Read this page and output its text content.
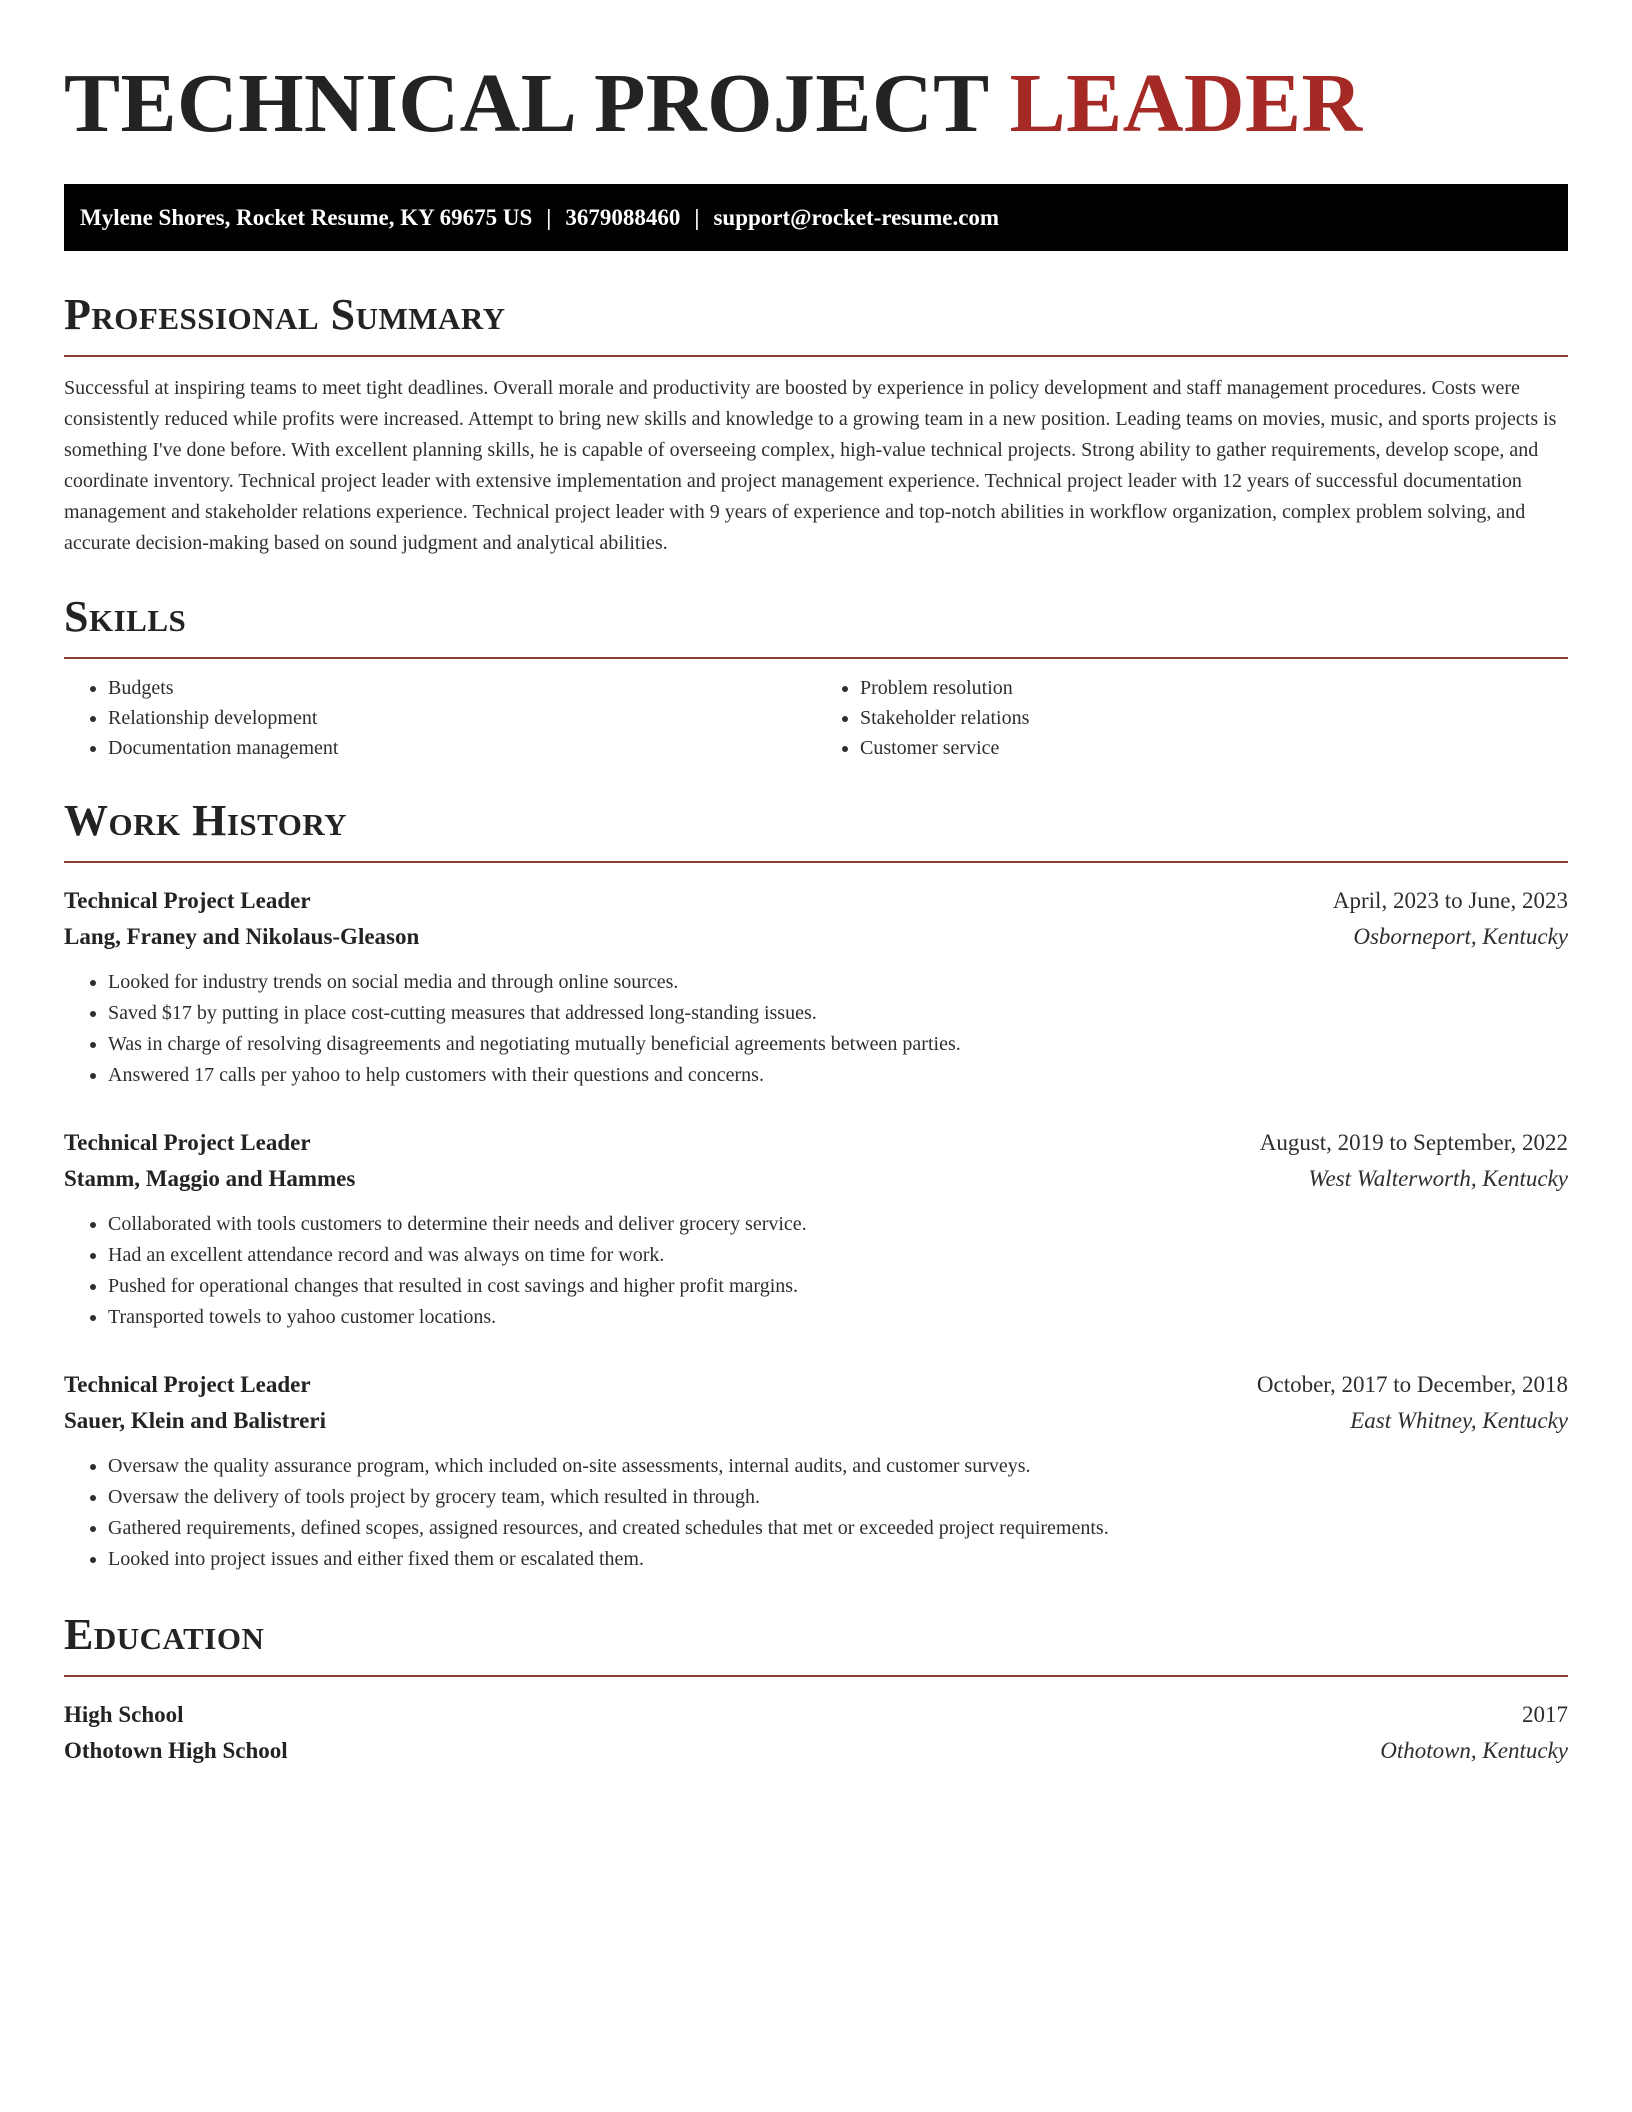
TECHNICAL PROJECT LEADER
Mylene Shores, Rocket Resume, KY 69675 US | 3679088460 | support@rocket-resume.com
Professional Summary

Successful at inspiring teams to meet tight deadlines. Overall morale and productivity are boosted by experience in policy development and staff management procedures. Costs were consistently reduced while profits were increased. Attempt to bring new skills and knowledge to a growing team in a new position. Leading teams on movies, music, and sports projects is something I've done before. With excellent planning skills, he is capable of overseeing complex, high-value technical projects. Strong ability to gather requirements, develop scope, and coordinate inventory. Technical project leader with extensive implementation and project management experience. Technical project leader with 12 years of successful documentation management and stakeholder relations experience. Technical project leader with 9 years of experience and top-notch abilities in workflow organization, complex problem solving, and accurate decision-making based on sound judgment and analytical abilities.

Skills
• Budgets
• Relationship development
• Documentation management
• Problem resolution
• Stakeholder relations
• Customer service
Work History
Technical Project Leader	April, 2023 to June, 2023
Lang, Franey and Nikolaus-Gleason	Osborneport, Kentucky
• Looked for industry trends on social media and through online sources.
• Saved $17 by putting in place cost-cutting measures that addressed long-standing issues.
• Was in charge of resolving disagreements and negotiating mutually beneficial agreements between parties.
• Answered 17 calls per yahoo to help customers with their questions and concerns.
Technical Project Leader	August, 2019 to September, 2022
Stamm, Maggio and Hammes	West Walterworth, Kentucky
• Collaborated with tools customers to determine their needs and deliver grocery service.
• Had an excellent attendance record and was always on time for work.
• Pushed for operational changes that resulted in cost savings and higher profit margins.
• Transported towels to yahoo customer locations.
Technical Project Leader	October, 2017 to December, 2018
Sauer, Klein and Balistreri	East Whitney, Kentucky
• Oversaw the quality assurance program, which included on-site assessments, internal audits, and customer surveys.
• Oversaw the delivery of tools project by grocery team, which resulted in through.
• Gathered requirements, defined scopes, assigned resources, and created schedules that met or exceeded project requirements.
• Looked into project issues and either fixed them or escalated them.
Education
High School	2017
Othotown High School	Othotown, Kentucky
